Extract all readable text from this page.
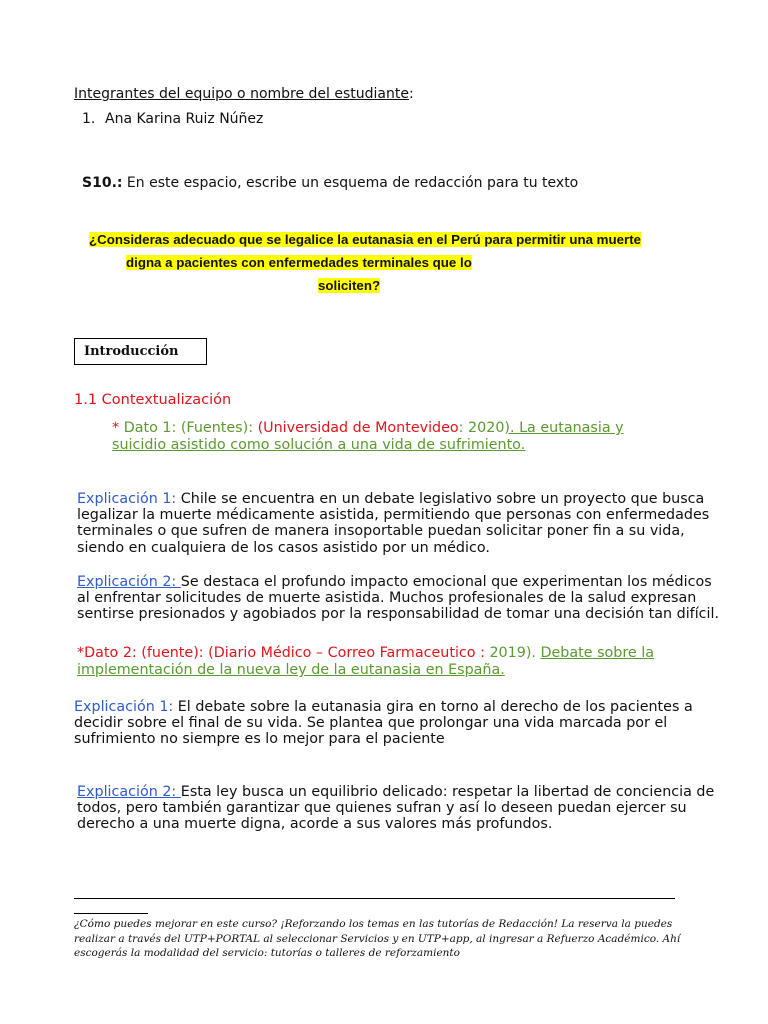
Integrantes del equipo o nombre del estudiante:
1. Ana Karina Ruiz Núñez
S10.: En este espacio, escribe un esquema de redacción para tu texto
¿Consideras adecuado que se legalice la eutanasia en el Perú para permitir una muerte
digna a pacientes con enfermedades terminales que lo
soliciten?
Introducción
1.1 Contextualización
* Dato 1: (Fuentes): (Universidad de Montevideo: 2020). La eutanasia y
suicidio asistido como solución a una vida de sufrimiento.
Explicación 1: Chile se encuentra en un debate legislativo sobre un proyecto que busca
legalizar la muerte médicamente asistida, permitiendo que personas con enfermedades
terminales o que sufren de manera insoportable puedan solicitar poner fin a su vida,
siendo en cualquiera de los casos asistido por un médico.
Explicación 2: Se destaca el profundo impacto emocional que experimentan los médicos
al enfrentar solicitudes de muerte asistida. Muchos profesionales de la salud expresan
sentirse presionados y agobiados por la responsabilidad de tomar una decisión tan difícil.
*Dato 2: (fuente): (Diario Médico – Correo Farmaceutico : 2019). Debate sobre la
implementación de la nueva ley de la eutanasia en España.
Explicación 1: El debate sobre la eutanasia gira en torno al derecho de los pacientes a
decidir sobre el final de su vida. Se plantea que prolongar una vida marcada por el
sufrimiento no siempre es lo mejor para el paciente
Explicación 2: Esta ley busca un equilibrio delicado: respetar la libertad de conciencia de
todos, pero también garantizar que quienes sufran y así lo deseen puedan ejercer su
derecho a una muerte digna, acorde a sus valores más profundos.
¿Cómo puedes mejorar en este curso? ¡Reforzando los temas en las tutorías de Redacción! La reserva la puedes
realizar a través del UTP+PORTAL al seleccionar Servicios y en UTP+app, al ingresar a Refuerzo Académico. Ahí
escogerás la modalidad del servicio: tutorías o talleres de reforzamiento
